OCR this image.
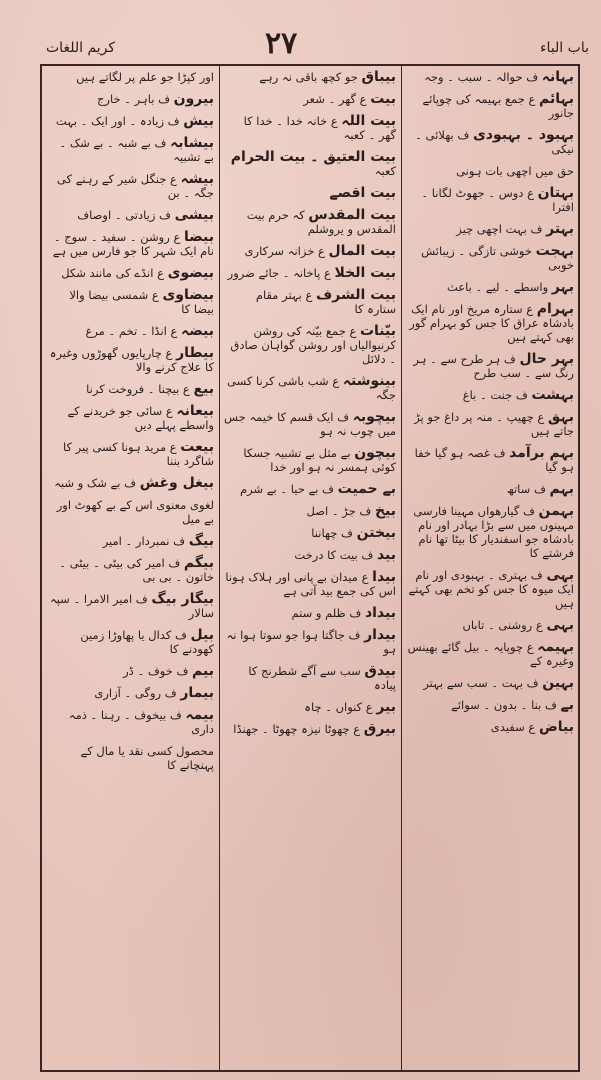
باب الباء
۲۷
کریم اللغات
بہانہ ‏ف حوالہ ۔ سبب ۔ وجہ
بہائم ‏ع جمع بہیمہ کی چوپائے جانور
بہبود ۔ بہبودی ‏ف بھلائی ۔ نیکی
حق میں اچھی بات ہونی
بہتان ‏ع دوس ۔ جھوٹ لگانا ۔ افترا
بہتر ‏ف بہت اچھی چیز
بہجت ‏خوشی تازگی ۔ زیبائش خوبی
بہر ‏واسطے ۔ لیے ۔ باعث
بہرام ‏ع ستارہ مریخ اور نام ایک بادشاہ عراق کا جس کو بہرام گور بھی کہتے ہیں
بہر حال ‏ف ہر طرح سے ۔ ہر رنگ سے ۔ سب طرح
بہشت ‏ف جنت ۔ باغ
بہق ‏ع چھیپ ۔ منہ پر داغ جو پڑ جاتے ہیں
بہم برآمد ‏ف غصہ ہو گیا خفا ہو گیا
بہم ‏ف ساتھ
بہمن ‏ف گیارھواں مہینا فارسی مہینوں میں سے بڑا بہادر اور نام بادشاہ جو اسفندیار کا بیٹا تھا نام فرشتے کا
بہی ‏ف بہتری ۔ بہبودی اور نام ایک میوہ کا جس کو تخم بھی کہتے ہیں
بہی ‏ع روشنی ۔ تاباں
بہیمہ ‏ع چوپایہ ۔ بیل گائے بھینس وغیرہ کے
بہین ‏ف بہت ۔ سب سے بہتر
بے ‏ف بنا ۔ بدون ۔ سوائے
بیاض ‏ع سفیدی
بیباق ‏جو کچھ باقی نہ رہے
بیت ‏ع گھر ۔ شعر
بیت اللہ ‏ع خانہ خدا ۔ خدا کا گھر ۔ کعبہ
بیت العتیق ۔ بیت الحرامکعبہ
بیت اقصے ‏
بیت المقدس ‏کہ حرم بیت المقدس و یروشلم
بیت المال ‏ع خزانہ سرکاری
بیت الخلا ‏ع پاخانہ ۔ جائے ضرور
بیت الشرف ‏ع بہتر مقام ستارہ کا
بیّنات ‏ع جمع بیّنہ کی روشن کرنیوالیاں اور روشن گواہان صادق ۔ دلائل
بینوشتہ ‏ع شب باشی کرنا کسی جگہ
بیچوبہ ‏ف ایک قسم کا خیمہ جس میں چوب نہ ہو
بیچون ‏بے مثل بے تشبیہ جسکا کوئی ہمسر نہ ہو اور خدا
بے حمیت ‏ف بے حیا ۔ بے شرم
بیخ ‏ف جڑ ۔ اصل
بیختن ‏ف چھاننا
بید ‏ف بیت کا درخت
بیدا ‏ع میدان بے پانی اور ہلاک ہونا اس کی جمع بید آتی ہے
بیداد ‏ف ظلم و ستم
بیدار ‏ف جاگتا ہوا جو سوتا ہوا نہ ہو
بیدق ‏سب سے آگے شطرنج کا پیادہ
بیر ‏ع کنواں ۔ چاہ
بیرق ‏ع چھوٹا نیزہ چھوٹا ۔ جھنڈا
اور کپڑا جو علم پر لگاتے ہیں
بیرون ‏ف باہر ۔ خارج
بیش ‏ف زیادہ ۔ اور ایک ۔ بہت
بیشابہ ‏ف بے شبہ ۔ بے شک ۔ بے تشبیہ
بیشہ ‏ع جنگل شیر کے رہنے کی جگہ ۔ بن
بیشی ‏ف زیادتی ۔ اوصاف
بیضا ‏ع روشن ۔ سفید ۔ سوج ۔ نام ایک شہر کا جو فارس میں ہے
بیضوی ‏ع انڈے کی مانند شکل
بیضاوی ‏ع شمسی بیضا والا بیضا کا
بیضہ ‏ع انڈا ۔ تخم ۔ مرغ
بیطار ‏ع چارپایوں گھوڑوں وغیرہ کا علاج کرنے والا
بیع ‏ع بیچنا ۔ فروخت کرنا
بیعانہ ‏ع سائی جو خریدنے کے واسطے پہلے دیں
بیعت ‏ع مرید ہونا کسی پیر کا شاگرد بننا
بیغل وغش ‏ف بے شک و شبہ
لغوی معنوی اس کے بے کھوٹ اور بے میل
بیگ ‏ف نمبردار ۔ امیر
بیگم ‏ف امیر کی بیٹی ۔ بیٹی ۔ خاتون ۔ بی بی
بیگار بیگ ‏ف امیر الامرا ۔ سپہ سالار
بیل ‏ف کدال یا پھاوڑا زمین کھودنے کا
بیم ‏ف خوف ۔ ڈر
بیمار ‏ف روگی ۔ آزاری
بیمہ ‏ف بیخوف ۔ رہنا ۔ ذمہ داری
محصول کسی نقد یا مال کے پہنچانے کا
